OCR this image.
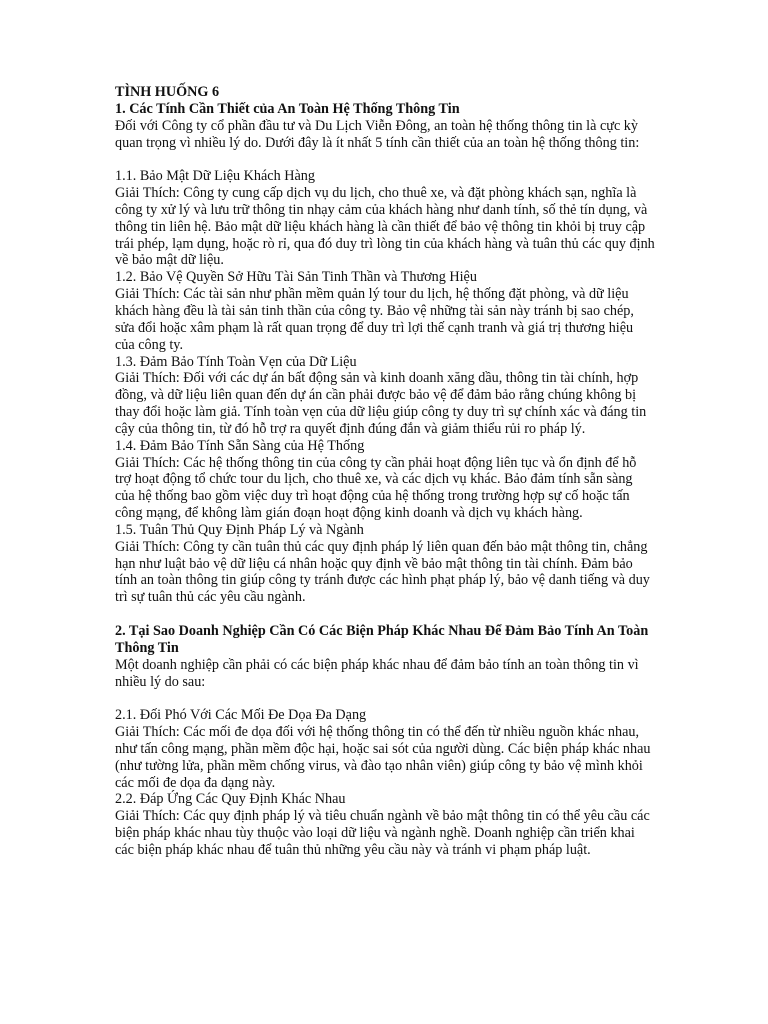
TÌNH HUỐNG 6

1. Các Tính Cần Thiết của An Toàn Hệ Thống Thông Tin

Đối với Công ty cổ phần đầu tư và Du Lịch Viễn Đông, an toàn hệ thống thông tin là cực kỳ quan trọng vì nhiều lý do. Dưới đây là ít nhất 5 tính cần thiết của an toàn hệ thống thông tin:

1.1. Bảo Mật Dữ Liệu Khách Hàng

Giải Thích: Công ty cung cấp dịch vụ du lịch, cho thuê xe, và đặt phòng khách sạn, nghĩa là công ty xử lý và lưu trữ thông tin nhạy cảm của khách hàng như danh tính, số thẻ tín dụng, và thông tin liên hệ. Bảo mật dữ liệu khách hàng là cần thiết để bảo vệ thông tin khỏi bị truy cập trái phép, lạm dụng, hoặc rò rỉ, qua đó duy trì lòng tin của khách hàng và tuân thủ các quy định về bảo mật dữ liệu.

1.2. Bảo Vệ Quyền Sở Hữu Tài Sản Tinh Thần và Thương Hiệu

Giải Thích: Các tài sản như phần mềm quản lý tour du lịch, hệ thống đặt phòng, và dữ liệu khách hàng đều là tài sản tinh thần của công ty. Bảo vệ những tài sản này tránh bị sao chép, sửa đổi hoặc xâm phạm là rất quan trọng để duy trì lợi thế cạnh tranh và giá trị thương hiệu của công ty.

1.3. Đảm Bảo Tính Toàn Vẹn của Dữ Liệu

Giải Thích: Đối với các dự án bất động sản và kinh doanh xăng dầu, thông tin tài chính, hợp đồng, và dữ liệu liên quan đến dự án cần phải được bảo vệ để đảm bảo rằng chúng không bị thay đổi hoặc làm giả. Tính toàn vẹn của dữ liệu giúp công ty duy trì sự chính xác và đáng tin cậy của thông tin, từ đó hỗ trợ ra quyết định đúng đắn và giảm thiểu rủi ro pháp lý.

1.4. Đảm Bảo Tính Sẵn Sàng của Hệ Thống

Giải Thích: Các hệ thống thông tin của công ty cần phải hoạt động liên tục và ổn định để hỗ trợ hoạt động tổ chức tour du lịch, cho thuê xe, và các dịch vụ khác. Bảo đảm tính sẵn sàng của hệ thống bao gồm việc duy trì hoạt động của hệ thống trong trường hợp sự cố hoặc tấn công mạng, để không làm gián đoạn hoạt động kinh doanh và dịch vụ khách hàng.

1.5. Tuân Thủ Quy Định Pháp Lý và Ngành

Giải Thích: Công ty cần tuân thủ các quy định pháp lý liên quan đến bảo mật thông tin, chẳng hạn như luật bảo vệ dữ liệu cá nhân hoặc quy định về bảo mật thông tin tài chính. Đảm bảo tính an toàn thông tin giúp công ty tránh được các hình phạt pháp lý, bảo vệ danh tiếng và duy trì sự tuân thủ các yêu cầu ngành.

2. Tại Sao Doanh Nghiệp Cần Có Các Biện Pháp Khác Nhau Để Đảm Bảo Tính An Toàn Thông Tin

Một doanh nghiệp cần phải có các biện pháp khác nhau để đảm bảo tính an toàn thông tin vì nhiều lý do sau:

2.1. Đối Phó Với Các Mối Đe Dọa Đa Dạng

Giải Thích: Các mối đe dọa đối với hệ thống thông tin có thể đến từ nhiều nguồn khác nhau, như tấn công mạng, phần mềm độc hại, hoặc sai sót của người dùng. Các biện pháp khác nhau (như tường lửa, phần mềm chống virus, và đào tạo nhân viên) giúp công ty bảo vệ mình khỏi các mối đe dọa đa dạng này.

2.2. Đáp Ứng Các Quy Định Khác Nhau

Giải Thích: Các quy định pháp lý và tiêu chuẩn ngành về bảo mật thông tin có thể yêu cầu các biện pháp khác nhau tùy thuộc vào loại dữ liệu và ngành nghề. Doanh nghiệp cần triển khai các biện pháp khác nhau để tuân thủ những yêu cầu này và tránh vi phạm pháp luật.
